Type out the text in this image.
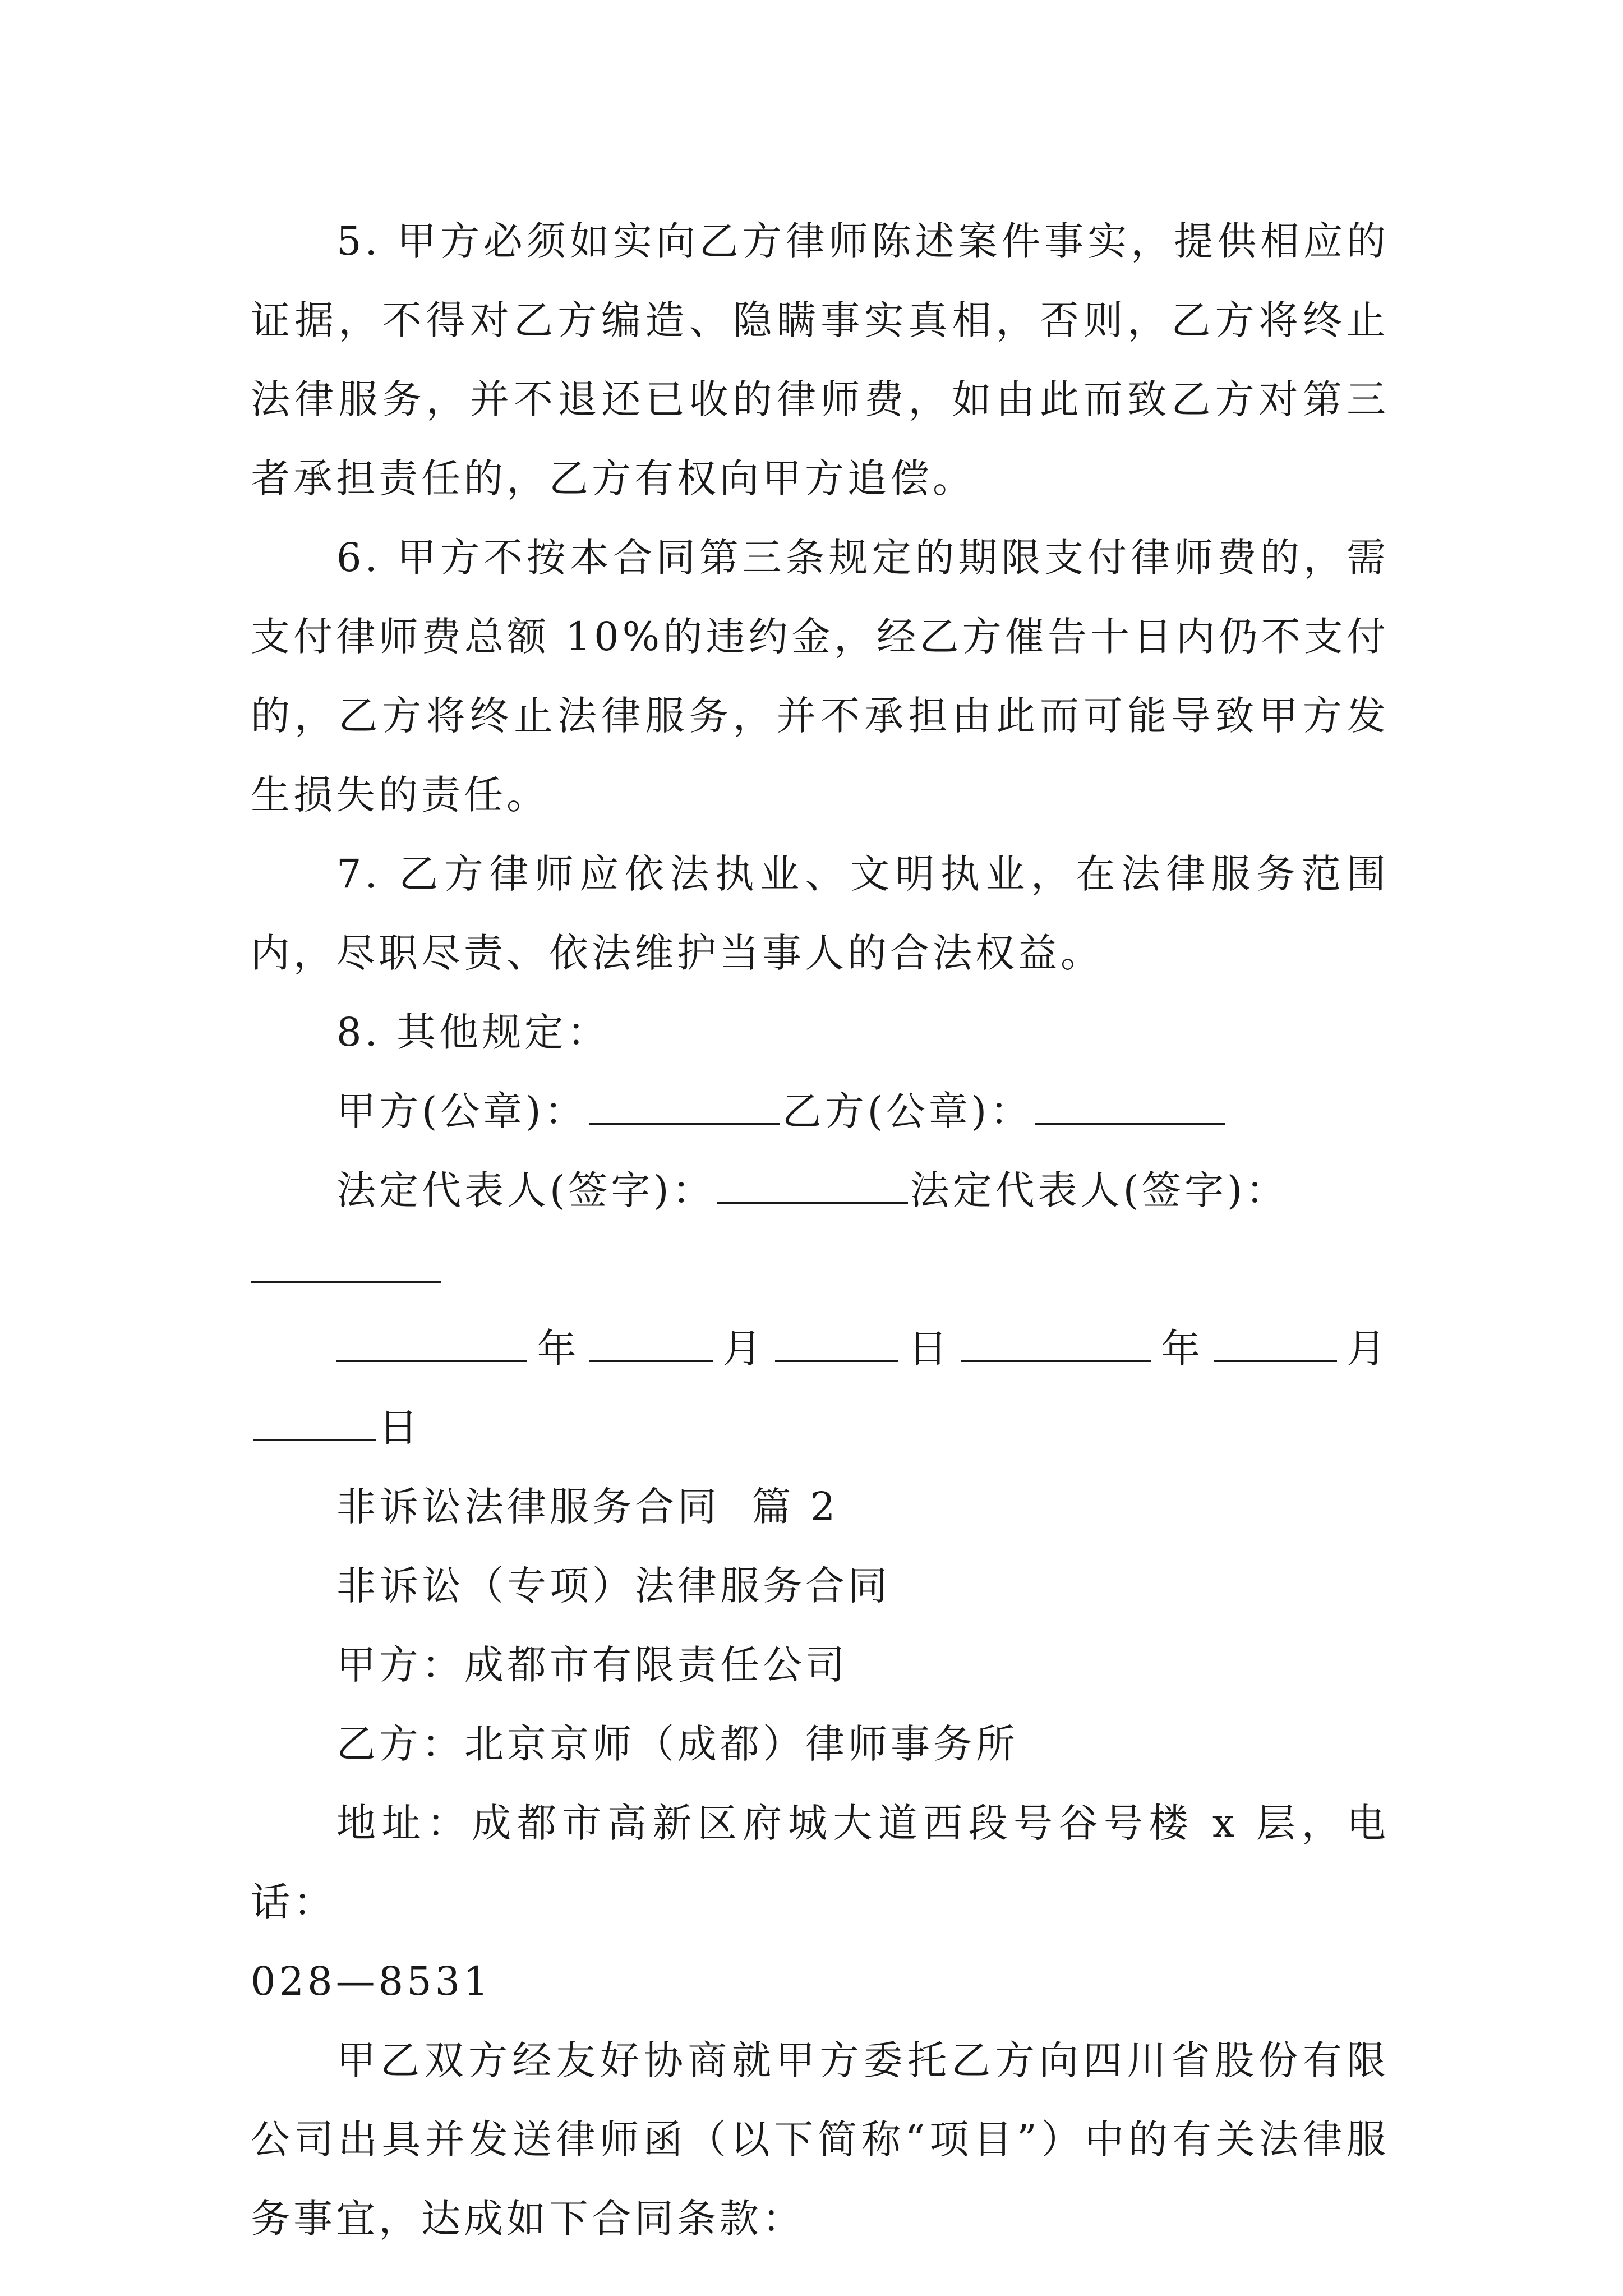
5. 甲方必须如实向乙方律师陈述案件事实，提供相应的证据，不得对乙方编造、隐瞒事实真相，否则，乙方将终止法律服务，并不退还已收的律师费，如由此而致乙方对第三者承担责任的，乙方有权向甲方追偿。

6. 甲方不按本合同第三条规定的期限支付律师费的，需支付律师费总额 10%的违约金，经乙方催告十日内仍不支付的，乙方将终止法律服务，并不承担由此而可能导致甲方发生损失的责任。

7. 乙方律师应依法执业、文明执业，在法律服务范围内，尽职尽责、依法维护当事人的合法权益。

8. 其他规定：

甲方(公章)：	乙方(公章)：

法定代表人(签字)：	法定代表人(签字)：

年	月	日	年	月日

非诉讼法律服务合同  篇 2

非诉讼（专项）法律服务合同

甲方：成都市有限责任公司

乙方：北京京师（成都）律师事务所

地址：成都市高新区府城大道西段号谷号楼 x 层，电话：

028—8531

甲乙双方经友好协商就甲方委托乙方向四川省股份有限公司出具并发送律师函（以下简称“项目”）中的有关法律服务事宜，达成如下合同条款：
